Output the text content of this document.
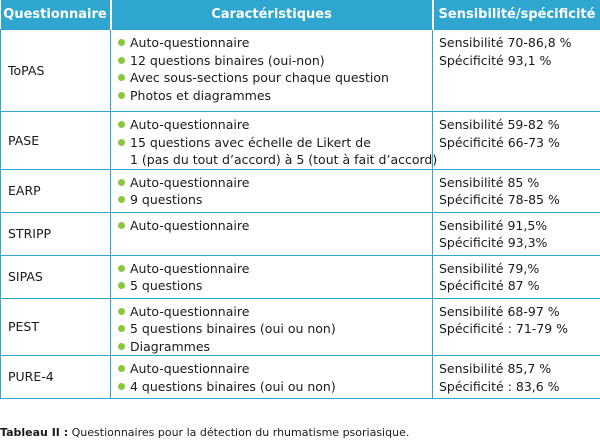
Questionnaire	Caractéristiques	Sensibilité/spécificité
ToPAS	Auto-questionnaire
12 questions binaires (oui-non)
Avec sous-sections pour chaque question
Photos et diagrammes	Sensibilité 70-86,8 %
Spécificité 93,1 %

PASE	Auto-questionnaire
15 questions avec échelle de Likert de
1 (pas du tout d’accord) à 5 (tout à fait d’accord)	Sensibilité 59-82 %
Spécificité 66-73 %

EARP	Auto-questionnaire
9 questions	Sensibilité 85 %
Spécificité 78-85 %

STRIPP	Auto-questionnaire	Sensibilité 91,5%
Spécificité 93,3%

SIPAS	Auto-questionnaire
5 questions	Sensibilité 79,%
Spécificité 87 %

PEST	Auto-questionnaire
5 questions binaires (oui ou non)
Diagrammes	Sensibilité 68-97 %
Spécificité : 71-79 %

PURE-4	Auto-questionnaire
4 questions binaires (oui ou non)	Sensibilité 85,7 %
Spécificité : 83,6 %
Tableau II : Questionnaires pour la détection du rhumatisme psoriasique.
